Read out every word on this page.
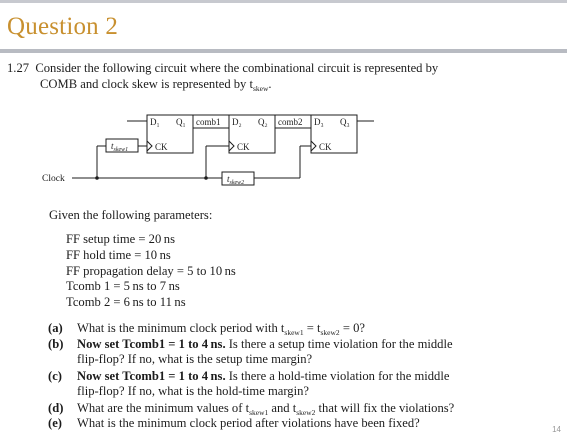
Question 2
1.27 Consider the following circuit where the combinational circuit is represented by
COMB and clock skew is represented by $t_{skew}$.
D₁ Q₁
CK
D₂ Q₂
CK
D₃ Q₃
CK
comb1	comb2
$t_{skew1}$
$t_{skew2}$
Clock
Given the following parameters:
FF setup time = 20 ns
FF hold time = 10 ns
FF propagation delay = 5 to 10 ns
Tcomb 1 = 5 ns to 7 ns
Tcomb 2 = 6 ns to 11 ns
(a) What is the minimum clock period with $t_{skew1} = t_{skew2} = 0$?
(b) Now set Tcomb1 = 1 to 4 ns. Is there a setup time violation for the middle
flip-flop? If no, what is the setup time margin?
(c) Now set Tcomb1 = 1 to 4 ns. Is there a hold-time violation for the middle
flip-flop? If no, what is the hold-time margin?
(d) What are the minimum values of $t_{skew1}$ and $t_{skew2}$ that will fix the violations?
(e) What is the minimum clock period after violations have been fixed?	14
